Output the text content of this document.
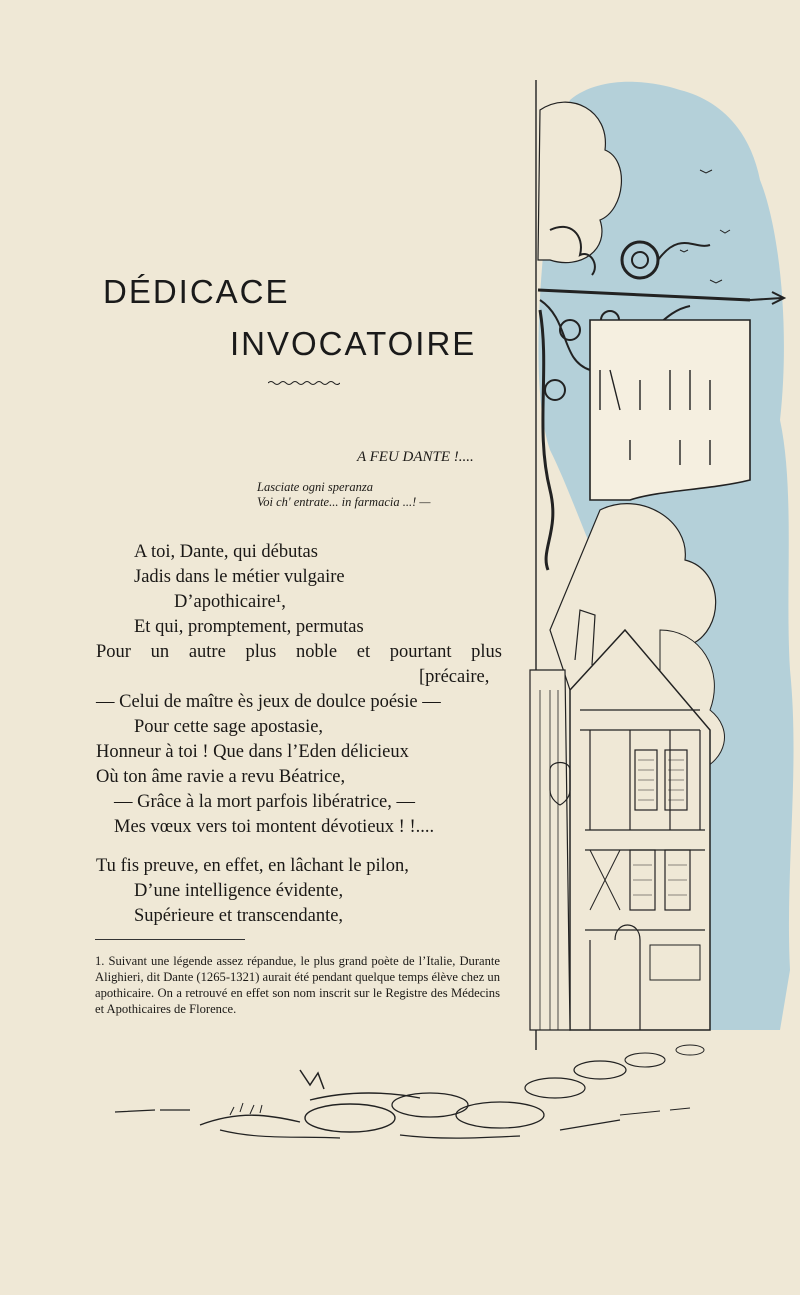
DÉDICACE
INVOCATOIRE
A FEU DANTE !....
Lasciate ogni speranza
Voi ch' entrate... in farmacia ...! —
A toi, Dante, qui débutas
Jadis dans le métier vulgaire
D’apothicaire¹,
Et qui, promptement, permutas
Pour un autre plus noble et pourtant plus
[précaire,
— Celui de maître ès jeux de doulce poésie —
Pour cette sage apostasie,
Honneur à toi ! Que dans l’Eden délicieux
Où ton âme ravie a revu Béatrice,
— Grâce à la mort parfois libératrice, —
Mes vœux vers toi montent dévotieux ! !....
Tu fis preuve, en effet, en lâchant le pilon,
D’une intelligence évidente,
Supérieure et transcendante,
1. Suivant une légende assez répandue, le plus grand poète de l’Italie, Durante Alighieri, dit Dante (1265-1321) aurait été pendant quelque temps élève chez un apothicaire. On a retrouvé en effet son nom inscrit sur le Registre des Médecins et Apothicaires de Florence.
